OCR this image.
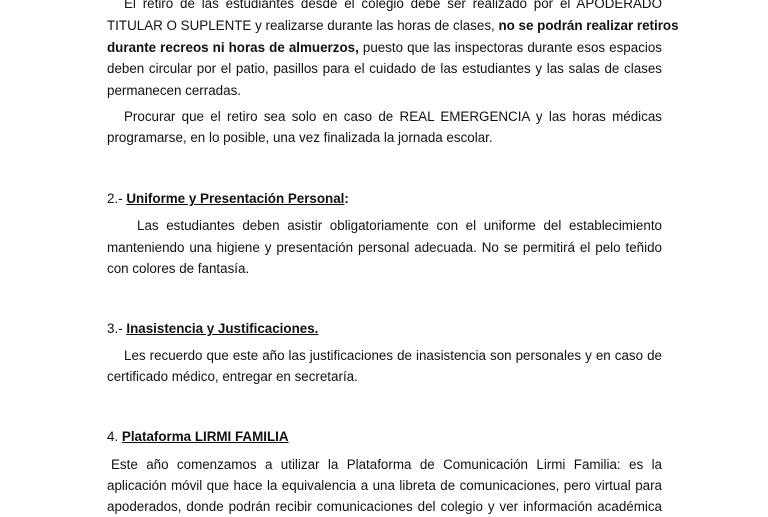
El retiro de las estudiantes desde el colegio debe ser realizado por el APODERADO
TITULAR O SUPLENTE y realizarse durante las horas de clases, no se podrán realizar retiros
durante recreos ni horas de almuerzos, puesto que las inspectoras durante esos espacios
deben circular por el patio, pasillos para el cuidado de las estudiantes y las salas de clases
permanecen cerradas.
Procurar que el retiro sea solo en caso de REAL EMERGENCIA y las horas médicas
programarse, en lo posible, una vez finalizada la jornada escolar.
2.- Uniforme y Presentación Personal:
Las estudiantes deben asistir obligatoriamente con el uniforme del establecimiento
manteniendo una higiene y presentación personal adecuada. No se permitirá el pelo teñido
con colores de fantasía.
3.- Inasistencia y Justificaciones.
Les recuerdo que este año las justificaciones de inasistencia son personales y en caso de
certificado médico, entregar en secretaría.
4. Plataforma LIRMI FAMILIA
Este año comenzamos a utilizar la Plataforma de Comunicación Lirmi Familia: es la
aplicación móvil que hace la equivalencia a una libreta de comunicaciones, pero virtual para
apoderados, donde podrán recibir comunicaciones del colegio y ver información académica
